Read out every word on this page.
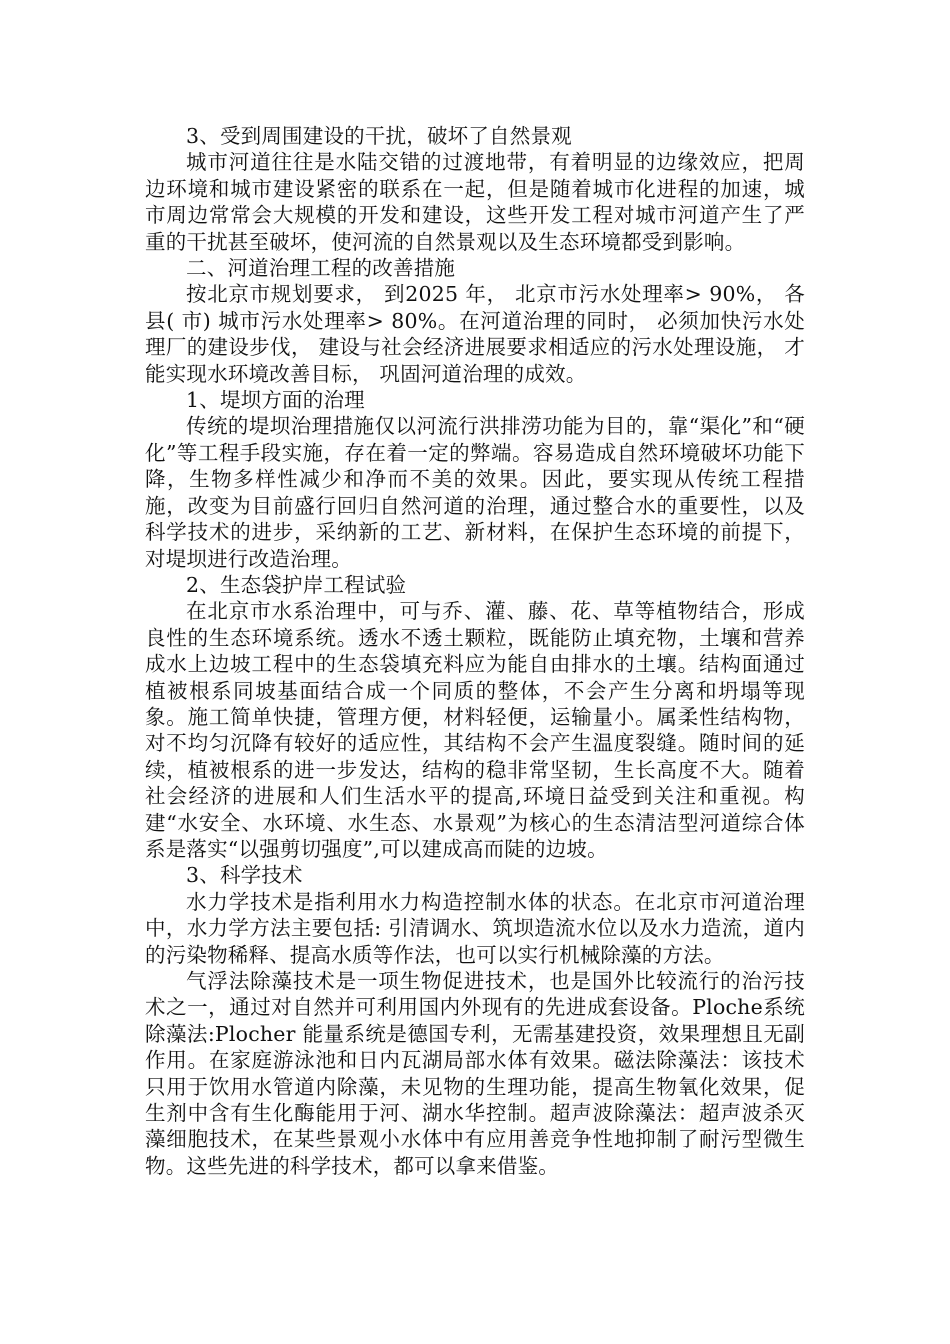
3、受到周围建设的干扰，破坏了自然景观

城市河道往往是水陆交错的过渡地带，有着明显的边缘效应，把周边环境和城市建设紧密的联系在一起，但是随着城市化进程的加速，城市周边常常会大规模的开发和建设，这些开发工程对城市河道产生了严重的干扰甚至破坏，使河流的自然景观以及生态环境都受到影响。

二、河道治理工程的改善措施

按北京市规划要求， 到2025 年， 北京市污水处理率> 90%， 各县( 市) 城市污水处理率> 80%。在河道治理的同时， 必须加快污水处理厂的建设步伐， 建设与社会经济进展要求相适应的污水处理设施， 才能实现水环境改善目标， 巩固河道治理的成效。

1、堤坝方面的治理

传统的堤坝治理措施仅以河流行洪排涝功能为目的，靠“渠化”和“硬化”等工程手段实施，存在着一定的弊端。容易造成自然环境破坏功能下降，生物多样性减少和净而不美的效果。因此，要实现从传统工程措施，改变为目前盛行回归自然河道的治理，通过整合水的重要性，以及科学技术的进步，采纳新的工艺、新材料，在保护生态环境的前提下，对堤坝进行改造治理。

2、生态袋护岸工程试验

在北京市水系治理中，可与乔、灌、藤、花、草等植物结合，形成良性的生态环境系统。透水不透土颗粒，既能防止填充物，土壤和营养成水上边坡工程中的生态袋填充料应为能自由排水的土壤。结构面通过植被根系同坡基面结合成一个同质的整体，不会产生分离和坍塌等现象。施工简单快捷，管理方便，材料轻便，运输量小。属柔性结构物，对不均匀沉降有较好的适应性，其结构不会产生温度裂缝。随时间的延续，植被根系的进一步发达，结构的稳非常坚韧，生长高度不大。随着社会经济的进展和人们生活水平的提高,环境日益受到关注和重视。构建“水安全、水环境、水生态、水景观”为核心的生态清洁型河道综合体系是落实“以强剪切强度”,可以建成高而陡的边坡。

3、科学技术

水力学技术是指利用水力构造控制水体的状态。在北京市河道治理中，水力学方法主要包括: 引清调水、筑坝造流水位以及水力造流，道内的污染物稀释、提高水质等作法，也可以实行机械除藻的方法。

气浮法除藻技术是一项生物促进技术，也是国外比较流行的治污技术之一，通过对自然并可利用国内外现有的先进成套设备。Ploche系统除藻法:Plocher 能量系统是德国专利，无需基建投资，效果理想且无副作用。在家庭游泳池和日内瓦湖局部水体有效果。磁法除藻法：该技术只用于饮用水管道内除藻，未见物的生理功能，提高生物氧化效果，促生剂中含有生化酶能用于河、湖水华控制。超声波除藻法：超声波杀灭藻细胞技术，在某些景观小水体中有应用善竞争性地抑制了耐污型微生物。这些先进的科学技术，都可以拿来借鉴。
